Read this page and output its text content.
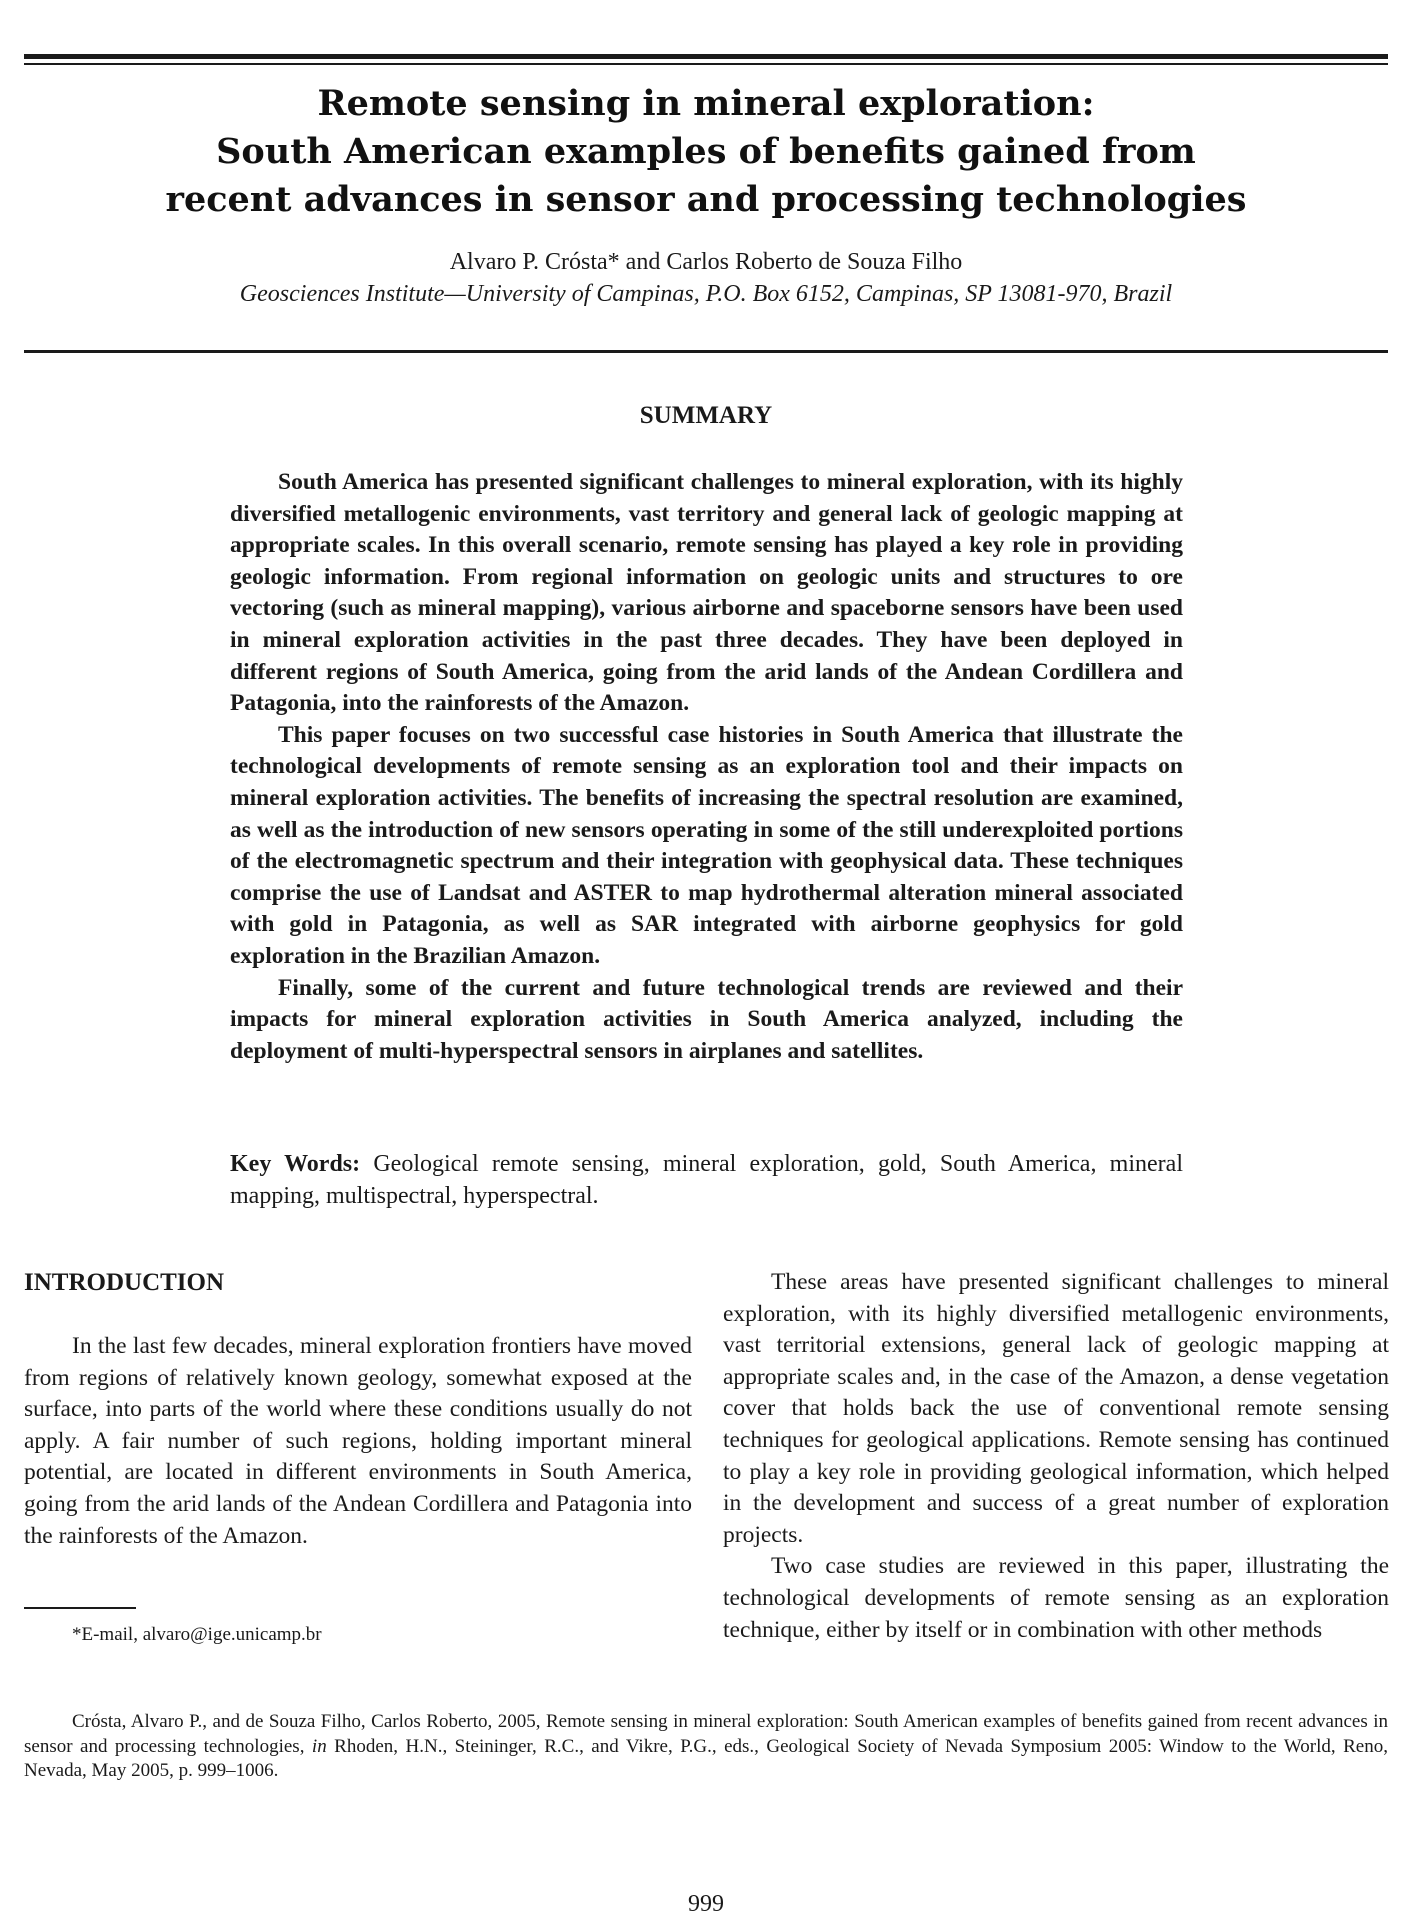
Remote sensing in mineral exploration:
South American examples of benefits gained from
recent advances in sensor and processing technologies
Alvaro P. Crósta* and Carlos Roberto de Souza Filho
Geosciences Institute—University of Campinas, P.O. Box 6152, Campinas, SP 13081-970, Brazil
SUMMARY

South America has presented significant challenges to mineral exploration, with its highly diversified metallogenic environments, vast territory and general lack of geologic mapping at appropriate scales. In this overall scenario, remote sensing has played a key role in providing geologic information. From regional information on geologic units and structures to ore vectoring (such as mineral mapping), various airborne and spaceborne sensors have been used in mineral exploration activities in the past three decades. They have been deployed in different regions of South America, going from the arid lands of the Andean Cordillera and Patagonia, into the rainforests of the Amazon.

This paper focuses on two successful case histories in South America that illustrate the technological developments of remote sensing as an exploration tool and their impacts on mineral exploration activities. The benefits of increasing the spectral resolution are examined, as well as the introduction of new sensors operating in some of the still underexploited portions of the electromagnetic spectrum and their integration with geophysical data. These techniques comprise the use of Landsat and ASTER to map hydrothermal alteration mineral associated with gold in Patagonia, as well as SAR integrated with airborne geophysics for gold exploration in the Brazilian Amazon.

Finally, some of the current and future technological trends are reviewed and their impacts for mineral exploration activities in South America analyzed, including the deployment of multi-hyperspectral sensors in airplanes and satellites.

Key Words: Geological remote sensing, mineral exploration, gold, South America, mineral mapping, multispectral, hyperspectral.
INTRODUCTION

In the last few decades, mineral exploration frontiers have moved from regions of relatively known geology, somewhat exposed at the surface, into parts of the world where these conditions usually do not apply. A fair number of such regions, holding important mineral potential, are located in different environments in South America, going from the arid lands of the Andean Cordillera and Patagonia into the rainforests of the Amazon.

*E-mail, alvaro@ige.unicamp.br

These areas have presented significant challenges to mineral exploration, with its highly diversified metallogenic environments, vast territorial extensions, general lack of geologic mapping at appropriate scales and, in the case of the Amazon, a dense vegetation cover that holds back the use of conventional remote sensing techniques for geological applications. Remote sensing has continued to play a key role in providing geological information, which helped in the development and success of a great number of exploration projects.

Two case studies are reviewed in this paper, illustrating the technological developments of remote sensing as an exploration technique, either by itself or in combination with other methods

Crósta, Alvaro P., and de Souza Filho, Carlos Roberto, 2005, Remote sensing in mineral exploration: South American examples of benefits gained from recent advances in sensor and processing technologies, in Rhoden, H.N., Steininger, R.C., and Vikre, P.G., eds., Geological Society of Nevada Symposium 2005: Window to the World, Reno, Nevada, May 2005, p. 999–1006.
999
